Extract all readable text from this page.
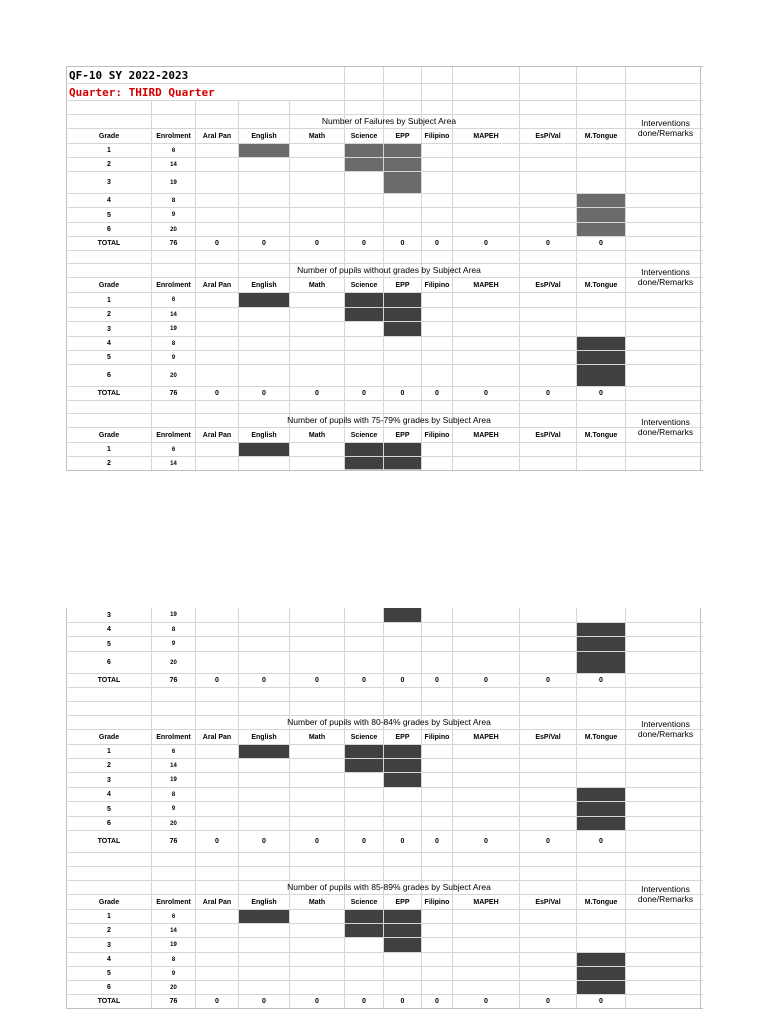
QF-10 SY 2022-2023
Quarter: THIRD Quarter
Number of Failures by Subject Area	Interventions
done/Remarks
Grade	Enrolment	Aral Pan	English	Math	Science	EPP	Filipino	MAPEH	EsP/Val	M.Tongue
1	6
2	14
3	19
4	8
5	9
6	20
TOTAL	76	0	0	0	0	0	0	0	0	0
Number of pupils without grades by Subject Area	Interventions
done/Remarks
Grade	Enrolment	Aral Pan	English	Math	Science	EPP	Filipino	MAPEH	EsP/Val	M.Tongue
1	6
2	14
3	19
4	8
5	9
6	20
TOTAL	76	0	0	0	0	0	0	0	0	0
Number of pupils with 75-79% grades by Subject Area	Interventions
done/Remarks
Grade	Enrolment	Aral Pan	English	Math	Science	EPP	Filipino	MAPEH	EsP/Val	M.Tongue
1	6
2	14
3	19
4	8
5	9
6	20
TOTAL	76	0	0	0	0	0	0	0	0	0
Number of pupils with 80-84% grades by Subject Area	Interventions
done/Remarks
Grade	Enrolment	Aral Pan	English	Math	Science	EPP	Filipino	MAPEH	EsP/Val	M.Tongue
1	6
2	14
3	19
4	8
5	9
6	20
TOTAL	76	0	0	0	0	0	0	0	0	0
Number of pupils with 85-89% grades by Subject Area	Interventions
done/Remarks
Grade	Enrolment	Aral Pan	English	Math	Science	EPP	Filipino	MAPEH	EsP/Val	M.Tongue
1	6
2	14
3	19
4	8
5	9
6	20
TOTAL	76	0	0	0	0	0	0	0	0	0
